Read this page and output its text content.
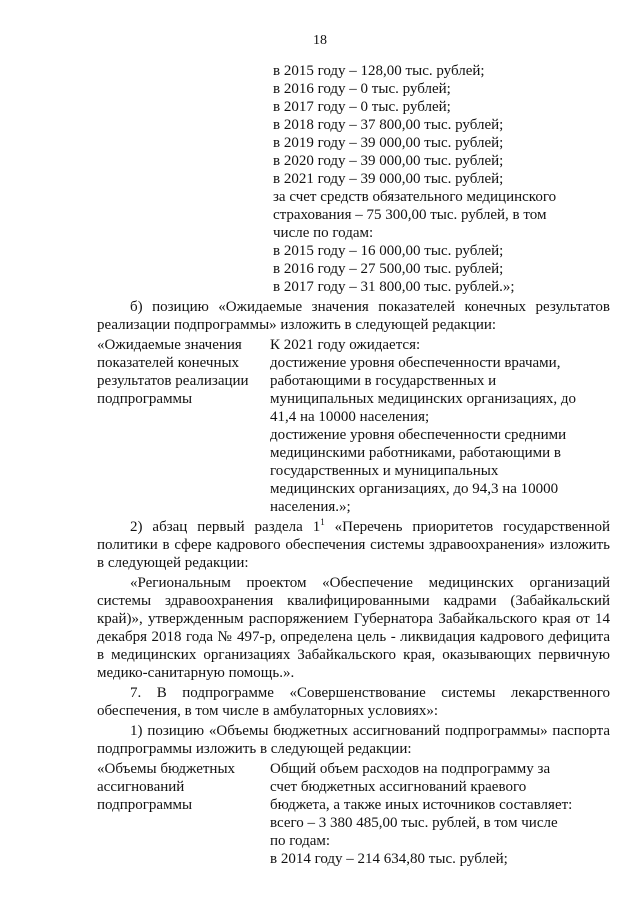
18
в 2015 году – 128,00 тыс. рублей;
в 2016 году – 0 тыс. рублей;
в 2017 году – 0 тыс. рублей;
в 2018 году – 37 800,00 тыс. рублей;
в 2019 году – 39 000,00 тыс. рублей;
в 2020 году – 39 000,00 тыс. рублей;
в 2021 году – 39 000,00 тыс. рублей;
за счет средств обязательного медицинского
страхования – 75 300,00 тыс. рублей, в том
числе по годам:
в 2015 году – 16 000,00 тыс. рублей;
в 2016 году – 27 500,00 тыс. рублей;
в 2017 году – 31 800,00 тыс. рублей.»;
б) позицию «Ожидаемые значения показателей конечных результатов
реализации подпрограммы» изложить в следующей редакции:
«Ожидаемые значения
показателей конечных
результатов реализации
подпрограммы
К 2021 году ожидается:
достижение уровня обеспеченности врачами,
работающими в государственных и
муниципальных медицинских организациях, до
41,4 на 10000 населения;
достижение уровня обеспеченности средними
медицинскими работниками, работающими в
государственных и муниципальных
медицинских организациях, до 94,3 на 10000
населения.»;
2) абзац первый раздела $1^1$ «Перечень приоритетов государственной
политики в сфере кадрового обеспечения системы здравоохранения» изложить
в следующей редакции:
«Региональным проектом «Обеспечение медицинских организаций
системы здравоохранения квалифицированными кадрами (Забайкальский
край)», утвержденным распоряжением Губернатора Забайкальского края от 14
декабря 2018 года № 497-р, определена цель - ликвидация кадрового дефицита
в медицинских организациях Забайкальского края, оказывающих первичную
медико-санитарную помощь.».
7. В подпрограмме «Совершенствование системы лекарственного
обеспечения, в том числе в амбулаторных условиях»:
1) позицию «Объемы бюджетных ассигнований подпрограммы» паспорта
подпрограммы изложить в следующей редакции:
«Объемы бюджетных
ассигнований
подпрограммы
Общий объем расходов на подпрограмму за
счет бюджетных ассигнований краевого
бюджета, а также иных источников составляет:
всего – 3 380 485,00 тыс. рублей, в том числе
по годам:
в 2014 году – 214 634,80 тыс. рублей;
